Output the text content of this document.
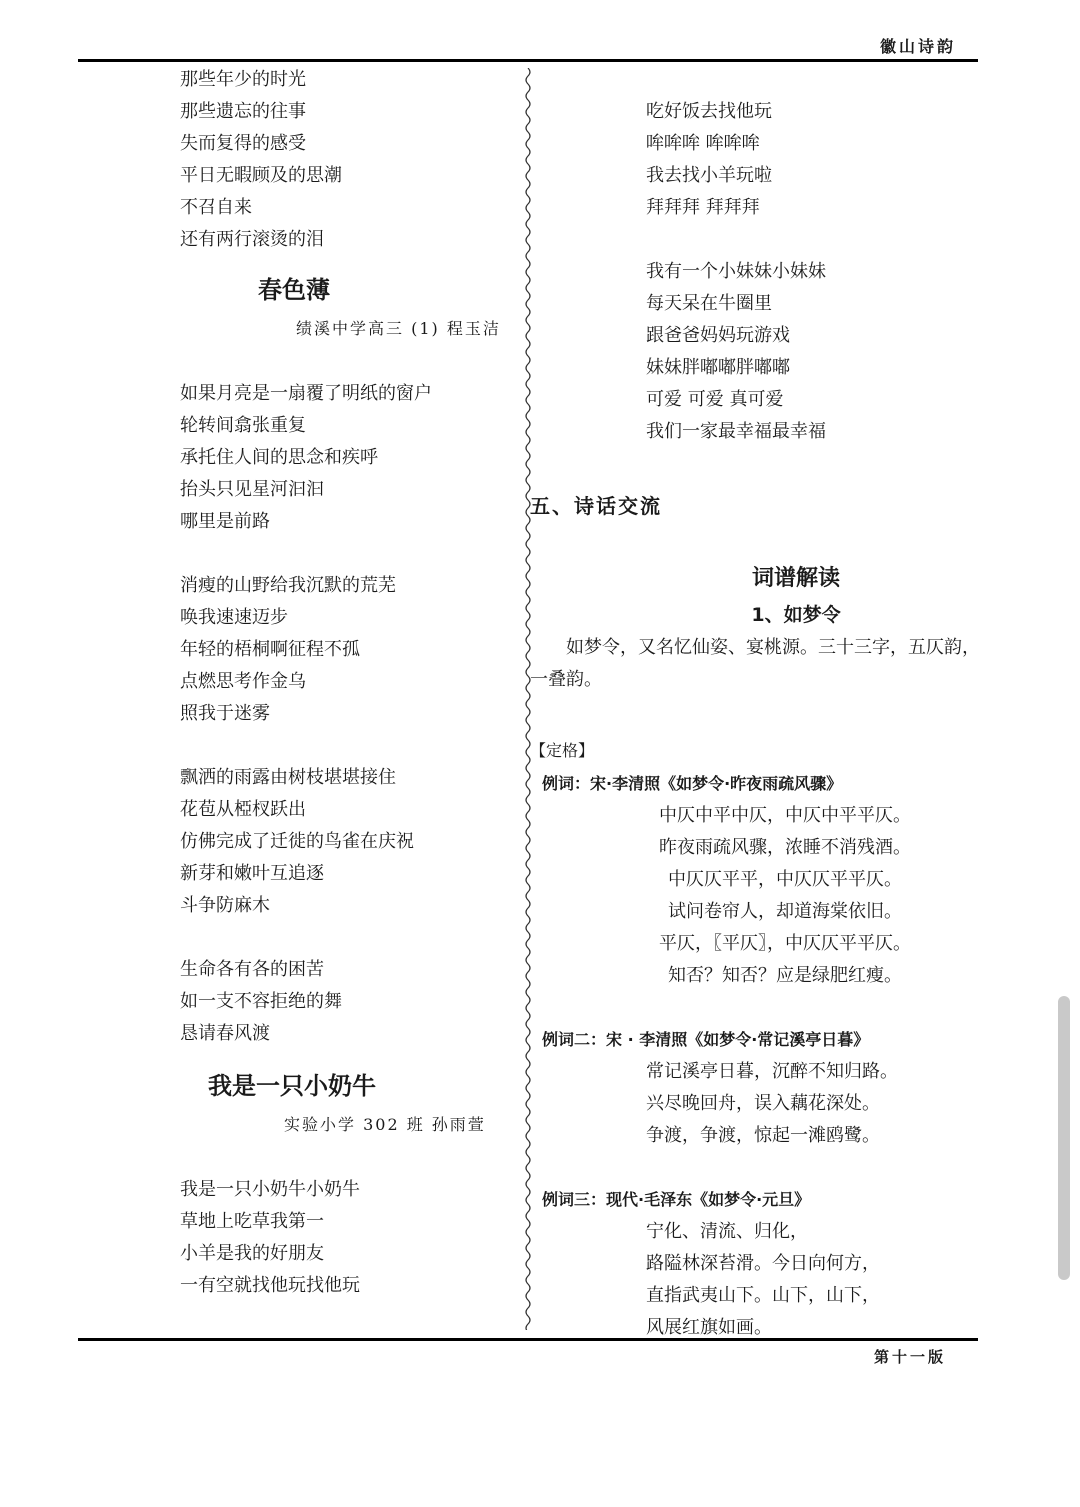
徽山诗韵
那些年少的时光
那些遗忘的往事
失而复得的感受
平日无暇顾及的思潮
不召自来
还有两行滚烫的泪
春色薄
绩溪中学高三 (1) 程玉洁
如果月亮是一扇覆了明纸的窗户
轮转间翕张重复
承托住人间的思念和疾呼
抬头只见星河汩汩
哪里是前路
消瘦的山野给我沉默的荒芜
唤我速速迈步
年轻的梧桐啊征程不孤
点燃思考作金乌
照我于迷雾
飘洒的雨露由树枝堪堪接住
花苞从椏杈跃出
仿佛完成了迁徙的鸟雀在庆祝
新芽和嫩叶互追逐
斗争防麻木
生命各有各的困苦
如一支不容拒绝的舞
恳请春风渡
我是一只小奶牛
实验小学 302 班 孙雨萱
我是一只小奶牛小奶牛
草地上吃草我第一
小羊是我的好朋友
一有空就找他玩找他玩
吃好饭去找他玩
哞哞哞 哞哞哞
我去找小羊玩啦
拜拜拜 拜拜拜
我有一个小妹妹小妹妹
每天呆在牛圈里
跟爸爸妈妈玩游戏
妹妹胖嘟嘟胖嘟嘟
可爱 可爱 真可爱
我们一家最幸福最幸福
五、诗话交流
词谱解读
1、如梦令
如梦令，又名忆仙姿、宴桃源。三十三字，五仄韵，一叠韵。
【定格】
例词：宋·李清照《如梦令·昨夜雨疏风骤》
中仄中平中仄，中仄中平平仄。
昨夜雨疏风骤，浓睡不消残酒。
中仄仄平平，中仄仄平平仄。
试问卷帘人，却道海棠依旧。
平仄，〖平仄〗，中仄仄平平仄。
知否？知否？应是绿肥红瘦。
例词二：宋 · 李清照《如梦令·常记溪亭日暮》
常记溪亭日暮，沉醉不知归路。
兴尽晚回舟，误入藕花深处。
争渡，争渡，惊起一滩鸥鹭。
例词三：现代·毛泽东《如梦令·元旦》
宁化、清流、归化，
路隘林深苔滑。今日向何方，
直指武夷山下。山下，山下，
风展红旗如画。
第十一版
